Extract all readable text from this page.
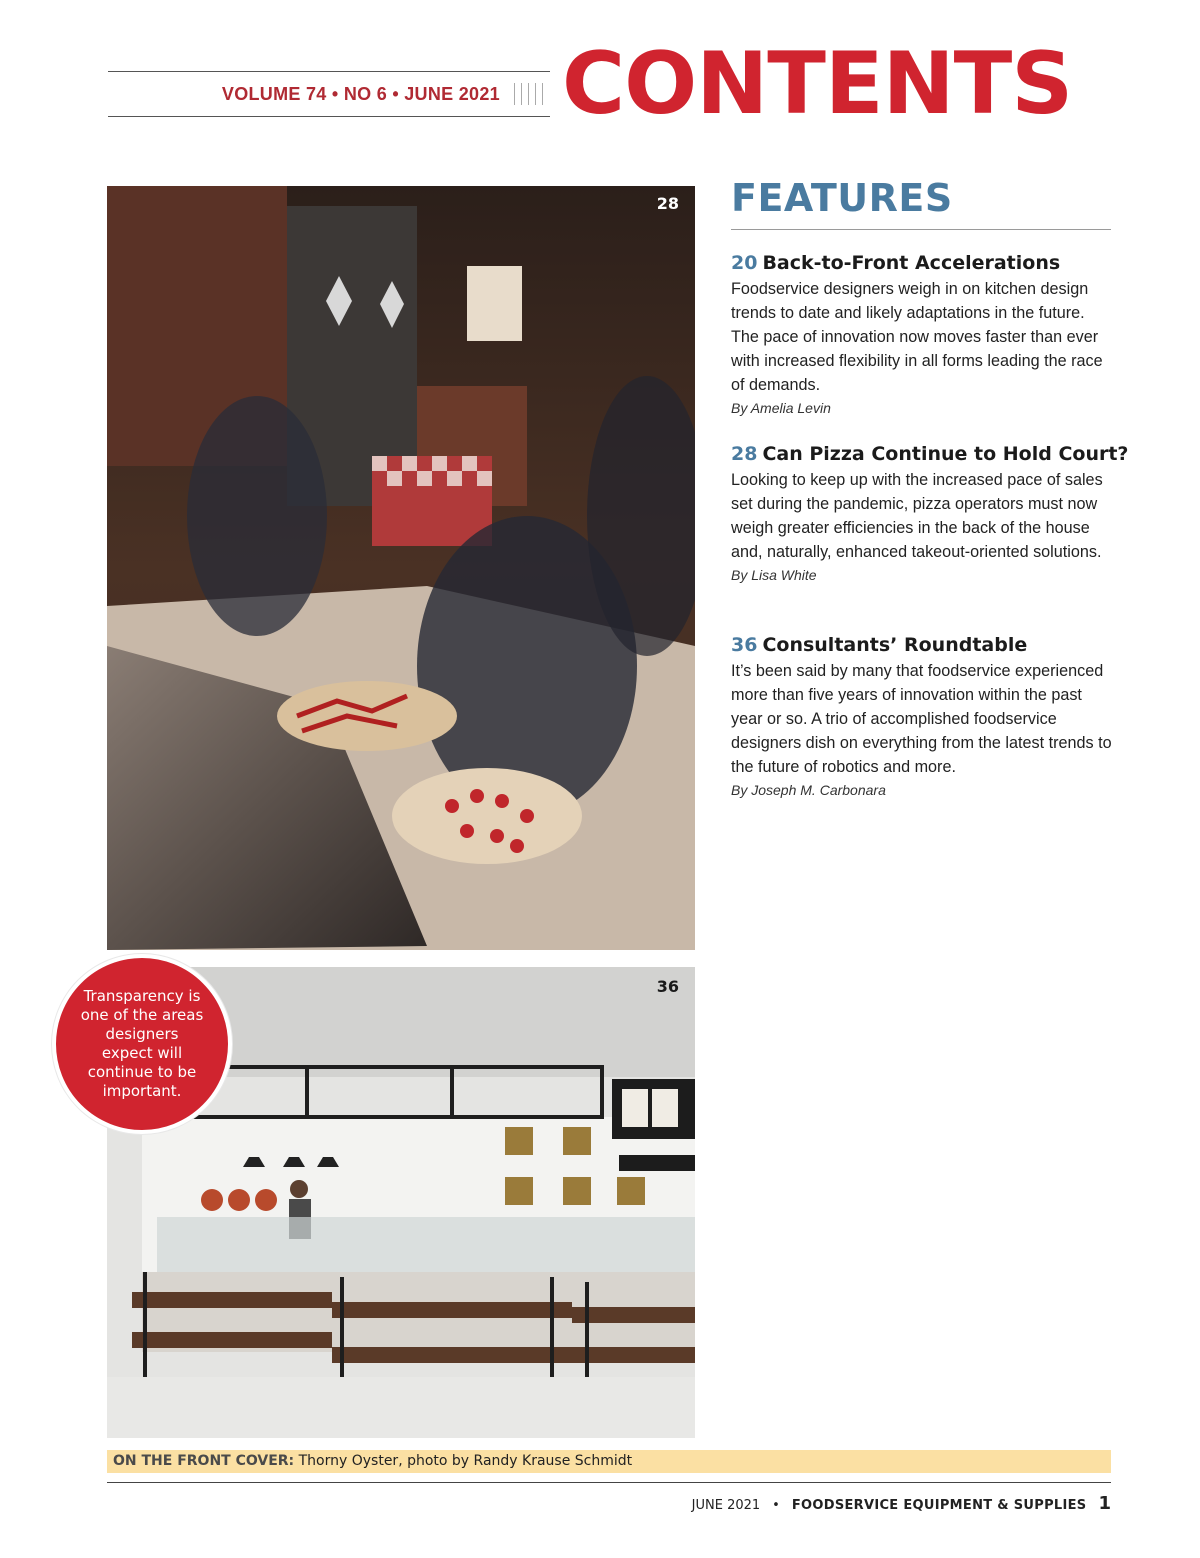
VOLUME 74 • NO 6 • JUNE 2021 CONTENTS
28
36

Transparency is one of the areas designers expect will continue to be important.

FEATURES
20 Back-to-Front Accelerations

Foodservice designers weigh in on kitchen design trends to date and likely adaptations in the future. The pace of innovation now moves faster than ever with increased flexibility in all forms leading the race of demands.

By Amelia Levin

28 Can Pizza Continue to Hold Court?

Looking to keep up with the increased pace of sales set during the pandemic, pizza operators must now weigh greater efficiencies in the back of the house and, naturally, enhanced takeout-oriented solutions.

By Lisa White

36 Consultants’ Roundtable

It’s been said by many that foodservice experienced more than five years of innovation within the past year or so. A trio of accomplished foodservice designers dish on everything from the latest trends to the future of robotics and more.

By Joseph M. Carbonara

ON THE FRONT COVER: Thorny Oyster, photo by Randy Krause Schmidt
JUNE 2021 • FOODSERVICE EQUIPMENT & SUPPLIES 1
